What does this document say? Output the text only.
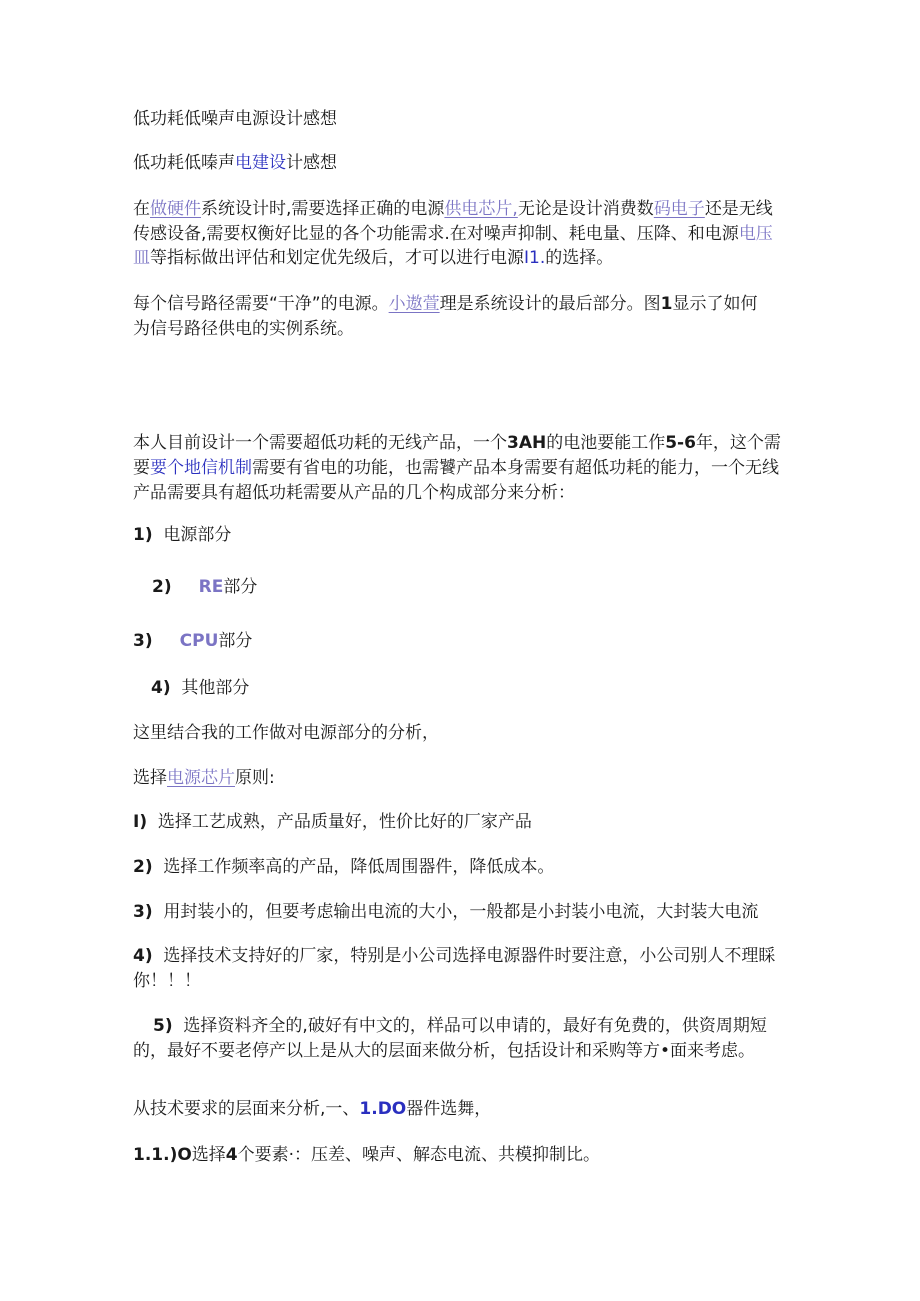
低功耗低噪声电源设计感想
低功耗低嗪声电建设计感想
在做硬件系统设计时,需要选择正确的电源供电芯片,无论是设计消费数码电子还是无线
传感设备,需要权衡好比显的各个功能需求.在对噪声抑制、耗电量、压降、和电源电压
皿等指标做出评估和划定优先级后，才可以进行电源I1.的选择。
每个信号路径需要“干净”的电源。小遨萱理是系统设计的最后部分。图1显示了如何
为信号路径供电的实例系统。
本人目前设计一个需要超低功耗的无线产品，一个3AH的电池要能工作5-6年，这个需
要要个地信机制需要有省电的功能，也需饕产品本身需要有超低功耗的能力，一个无线
产品需要具有超低功耗需要从产品的几个构成部分来分析：
1) 电源部分
2) RE部分
3) CPU部分
4) 其他部分
这里结合我的工作做对电源部分的分析，
选择电源芯片原则:
I) 选择工艺成熟，产品质量好，性价比好的厂家产品
2) 选择工作频率高的产品，降低周围器件，降低成本。
3) 用封装小的，但要考虑输出电流的大小，一般都是小封装小电流，大封装大电流
4) 选择技术支持好的厂家，特别是小公司选择电源器件时要注意，小公司别人不理睬
你！！！
5) 选择资料齐全的,破好有中文的，样品可以申请的，最好有免费的，供资周期短
的，最好不要老停产以上是从大的层面来做分析，包括设计和采购等方•面来考虑。
从技术要求的层面来分析,一、1.DO器件选舞，
1.1.)O选择4个要素·：压差、噪声、解态电流、共模抑制比。
